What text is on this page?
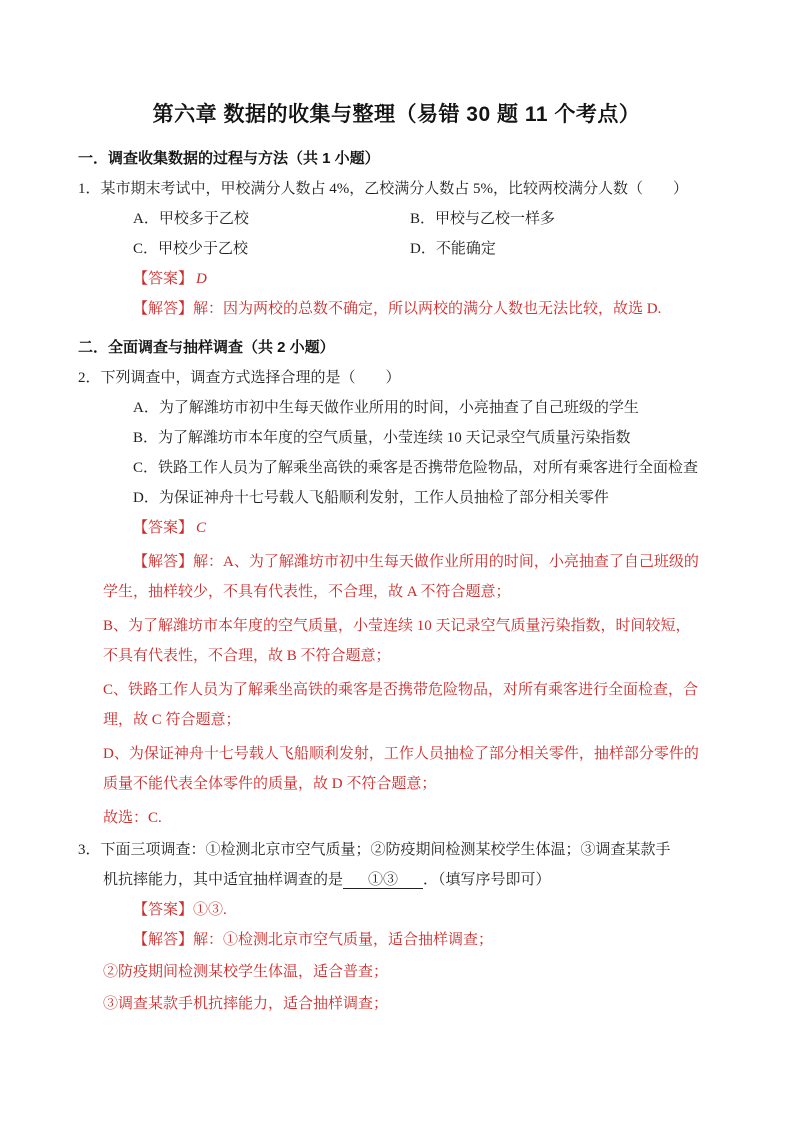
第六章 数据的收集与整理（易错 30 题 11 个考点）
一．调查收集数据的过程与方法（共 1 小题）
1．某市期末考试中，甲校满分人数占 4%，乙校满分人数占 5%，比较两校满分人数（　　）
A．甲校多于乙校	B．甲校与乙校一样多
C．甲校少于乙校	D．不能确定
【答案】 D
【解答】解：因为两校的总数不确定，所以两校的满分人数也无法比较，故选 D.
二．全面调查与抽样调查（共 2 小题）
2．下列调查中，调查方式选择合理的是（　　）
A．为了解潍坊市初中生每天做作业所用的时间，小亮抽查了自己班级的学生
B．为了解潍坊市本年度的空气质量，小莹连续 10 天记录空气质量污染指数
C．铁路工作人员为了解乘坐高铁的乘客是否携带危险物品，对所有乘客进行全面检查
D．为保证神舟十七号载人飞船顺利发射，工作人员抽检了部分相关零件
【答案】 C
【解答】解：A、为了解潍坊市初中生每天做作业所用的时间，小亮抽查了自己班级的学生，抽样较少，不具有代表性，不合理，故 A 不符合题意；
B、为了解潍坊市本年度的空气质量，小莹连续 10 天记录空气质量污染指数，时间较短，不具有代表性，不合理，故 B 不符合题意；
C、铁路工作人员为了解乘坐高铁的乘客是否携带危险物品，对所有乘客进行全面检查，合理，故 C 符合题意；
D、为保证神舟十七号载人飞船顺利发射，工作人员抽检了部分相关零件，抽样部分零件的质量不能代表全体零件的质量，故 D 不符合题意；
故选：C.
3．下面三项调查：①检测北京市空气质量；②防疫期间检测某校学生体温；③调查某款手机抗摔能力，其中适宜抽样调查的是　①③　．（填写序号即可）
【答案】①③.
【解答】解：①检测北京市空气质量，适合抽样调查；
②防疫期间检测某校学生体温，适合普查；
③调查某款手机抗摔能力，适合抽样调查；
